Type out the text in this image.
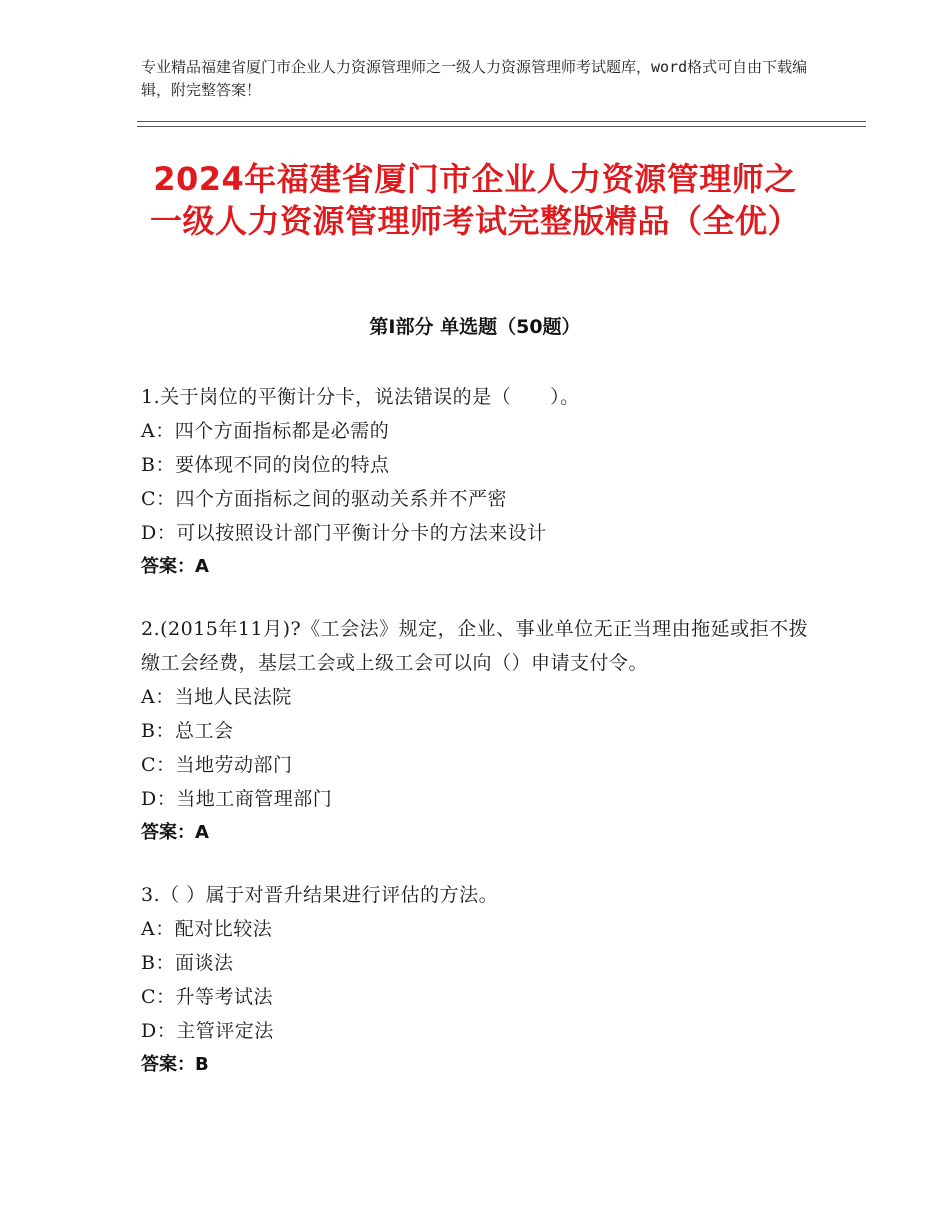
专业精品福建省厦门市企业人力资源管理师之一级人力资源管理师考试题库，word格式可自由下载编辑，附完整答案！
2024年福建省厦门市企业人力资源管理师之一级人力资源管理师考试完整版精品（全优）
第Ⅰ部分 单选题（50题）

1.关于岗位的平衡计分卡，说法错误的是（　　）。

A：四个方面指标都是必需的

B：要体现不同的岗位的特点

C：四个方面指标之间的驱动关系并不严密

D：可以按照设计部门平衡计分卡的方法来设计

答案：A

2.(2015年11月)?《工会法》规定，企业、事业单位无正当理由拖延或拒不拨缴工会经费，基层工会或上级工会可以向（）申请支付令。

A：当地人民法院

B：总工会

C：当地劳动部门

D：当地工商管理部门

答案：A

3.（ ）属于对晋升结果进行评估的方法。

A：配对比较法

B：面谈法

C：升等考试法

D：主管评定法

答案：B
